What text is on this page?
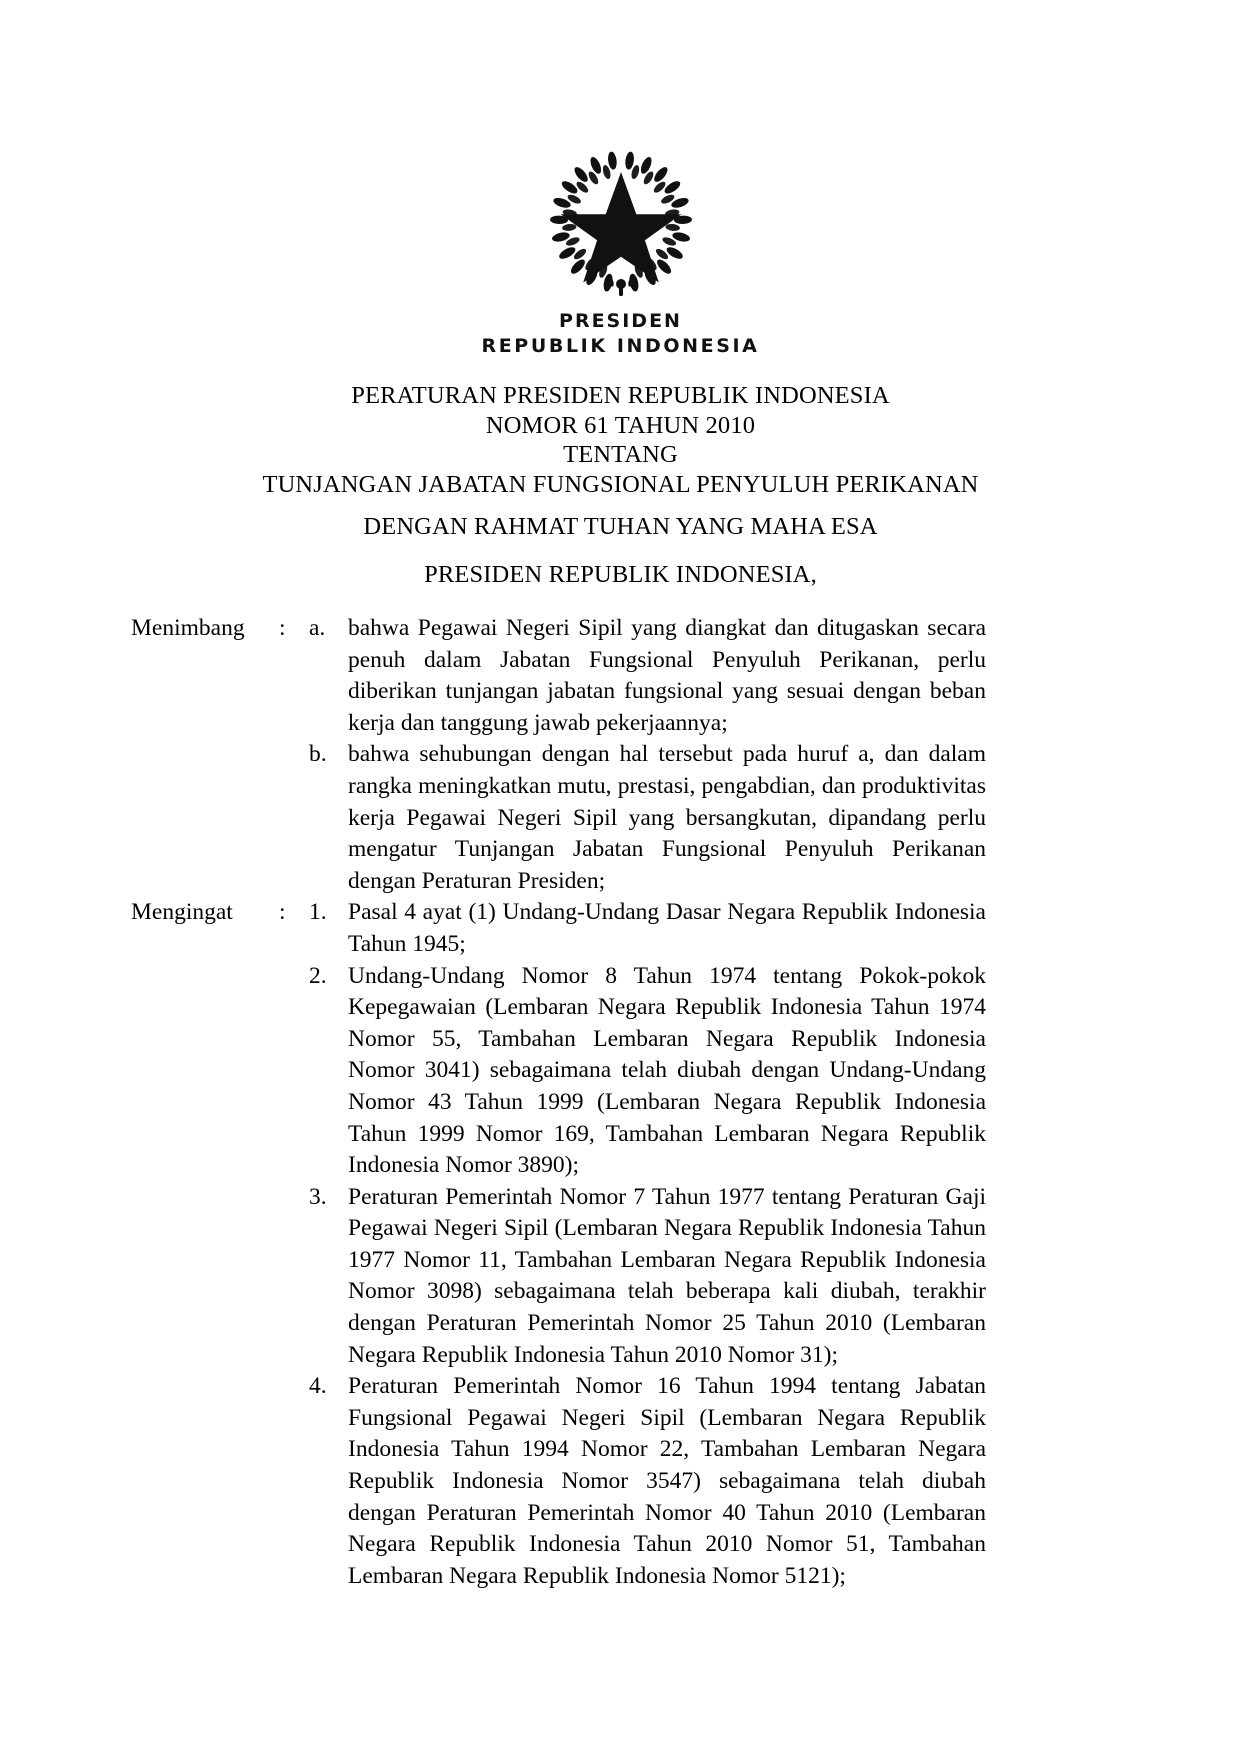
PRESIDEN
REPUBLIK INDONESIA
PERATURAN PRESIDEN REPUBLIK INDONESIA
NOMOR 61 TAHUN 2010
TENTANG
TUNJANGAN JABATAN FUNGSIONAL PENYULUH PERIKANAN
DENGAN RAHMAT TUHAN YANG MAHA ESA
PRESIDEN REPUBLIK INDONESIA,
Menimbang	: a. bahwa Pegawai Negeri Sipil yang diangkat dan ditugaskan secara penuh dalam Jabatan Fungsional Penyuluh Perikanan, perlu diberikan tunjangan jabatan fungsional yang sesuai dengan beban kerja dan tanggung jawab pekerjaannya;
b. bahwa sehubungan dengan hal tersebut pada huruf a, dan dalam rangka meningkatkan mutu, prestasi, pengabdian, dan produktivitas kerja Pegawai Negeri Sipil yang bersangkutan, dipandang perlu mengatur Tunjangan Jabatan Fungsional Penyuluh Perikanan dengan Peraturan Presiden;
Mengingat	: 1. Pasal 4 ayat (1) Undang-Undang Dasar Negara Republik Indonesia Tahun 1945;
2. Undang-Undang Nomor 8 Tahun 1974 tentang Pokok-pokok Kepegawaian (Lembaran Negara Republik Indonesia Tahun 1974 Nomor 55, Tambahan Lembaran Negara Republik Indonesia Nomor 3041) sebagaimana telah diubah dengan Undang-Undang Nomor 43 Tahun 1999 (Lembaran Negara Republik Indonesia Tahun 1999 Nomor 169, Tambahan Lembaran Negara Republik Indonesia Nomor 3890);
3. Peraturan Pemerintah Nomor 7 Tahun 1977 tentang Peraturan Gaji Pegawai Negeri Sipil (Lembaran Negara Republik Indonesia Tahun 1977 Nomor 11, Tambahan Lembaran Negara Republik Indonesia Nomor 3098) sebagaimana telah beberapa kali diubah, terakhir dengan Peraturan Pemerintah Nomor 25 Tahun 2010 (Lembaran Negara Republik Indonesia Tahun 2010 Nomor 31);
4. Peraturan Pemerintah Nomor 16 Tahun 1994 tentang Jabatan Fungsional Pegawai Negeri Sipil (Lembaran Negara Republik Indonesia Tahun 1994 Nomor 22, Tambahan Lembaran Negara Republik Indonesia Nomor 3547) sebagaimana telah diubah dengan Peraturan Pemerintah Nomor 40 Tahun 2010 (Lembaran Negara Republik Indonesia Tahun 2010 Nomor 51, Tambahan Lembaran Negara Republik Indonesia Nomor 5121);
